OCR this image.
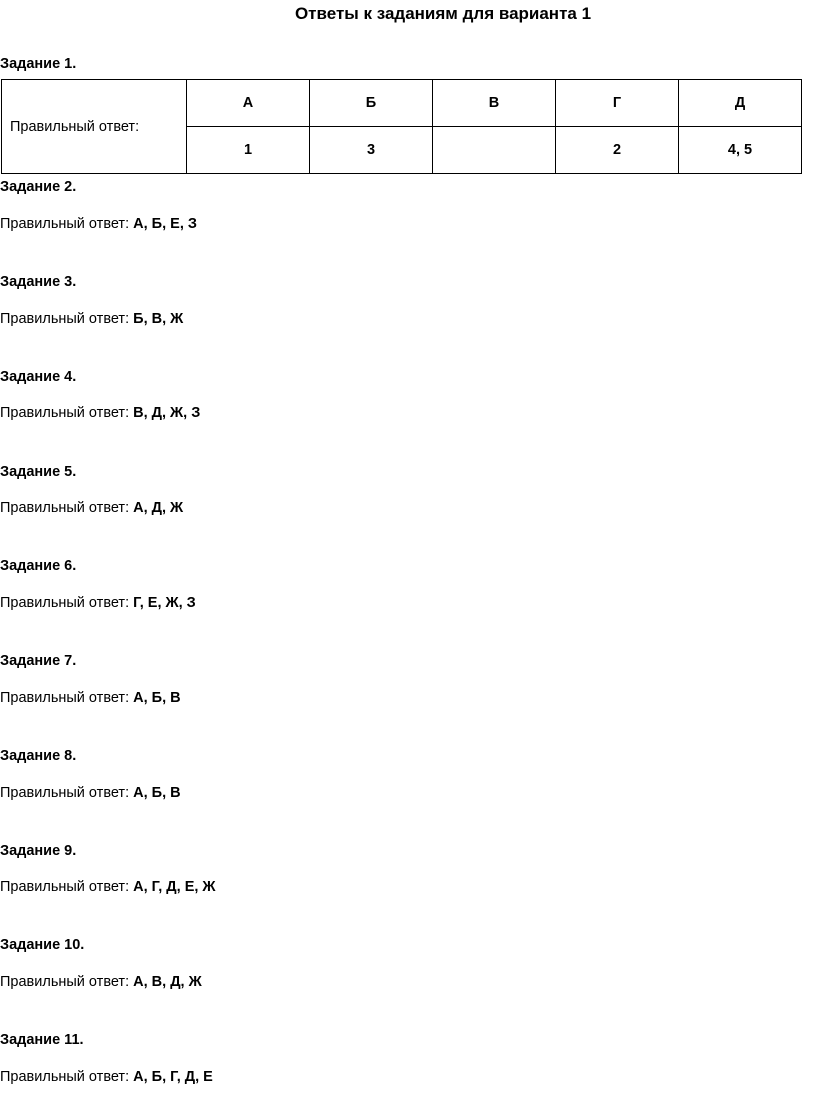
Ответы к заданиям для варианта 1
Задание 1.
Правильный ответ:	А	Б	В	Г	Д
	1	3		2	4, 5
Задание 2.
Правильный ответ: А, Б, Е, З
Задание 3.
Правильный ответ: Б, В, Ж
Задание 4.
Правильный ответ: В, Д, Ж, З
Задание 5.
Правильный ответ: А, Д, Ж
Задание 6.
Правильный ответ: Г, Е, Ж, З
Задание 7.
Правильный ответ: А, Б, В
Задание 8.
Правильный ответ: А, Б, В
Задание 9.
Правильный ответ: А, Г, Д, Е, Ж
Задание 10.
Правильный ответ: А, В, Д, Ж
Задание 11.
Правильный ответ: А, Б, Г, Д, Е
